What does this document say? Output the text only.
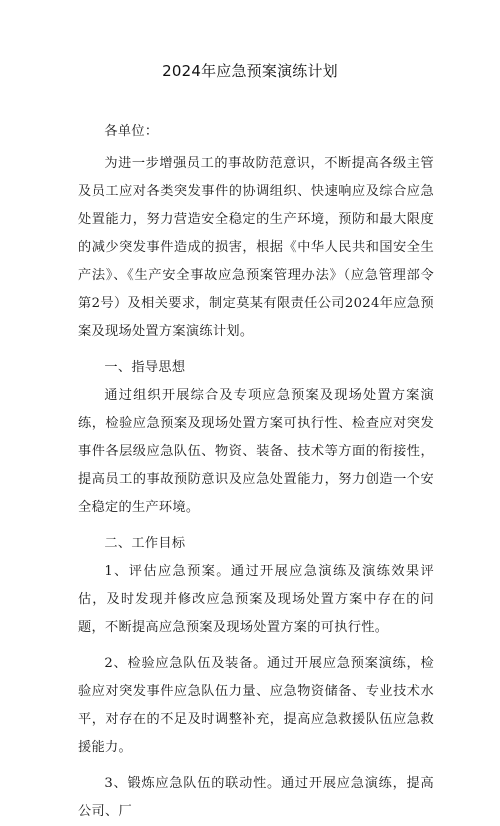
2024年应急预案演练计划

各单位：

为进一步增强员工的事故防范意识，不断提高各级主管及员工应对各类突发事件的协调组织、快速响应及综合应急处置能力，努力营造安全稳定的生产环境，预防和最大限度的减少突发事件造成的损害，根据《中华人民共和国安全生产法》、《生产安全事故应急预案管理办法》（应急管理部令第2号）及相关要求，制定莫某有限责任公司2024年应急预案及现场处置方案演练计划。

一、指导思想

通过组织开展综合及专项应急预案及现场处置方案演练，检验应急预案及现场处置方案可执行性、检查应对突发事件各层级应急队伍、物资、装备、技术等方面的衔接性，提高员工的事故预防意识及应急处置能力，努力创造一个安全稳定的生产环境。

二、工作目标

1、评估应急预案。通过开展应急演练及演练效果评估，及时发现并修改应急预案及现场处置方案中存在的问题，不断提高应急预案及现场处置方案的可执行性。

2、检验应急队伍及装备。通过开展应急预案演练，检验应对突发事件应急队伍力量、应急物资储备、专业技术水平，对存在的不足及时调整补充，提高应急救援队伍应急救援能力。

3、锻炼应急队伍的联动性。通过开展应急演练，提高公司、厂
